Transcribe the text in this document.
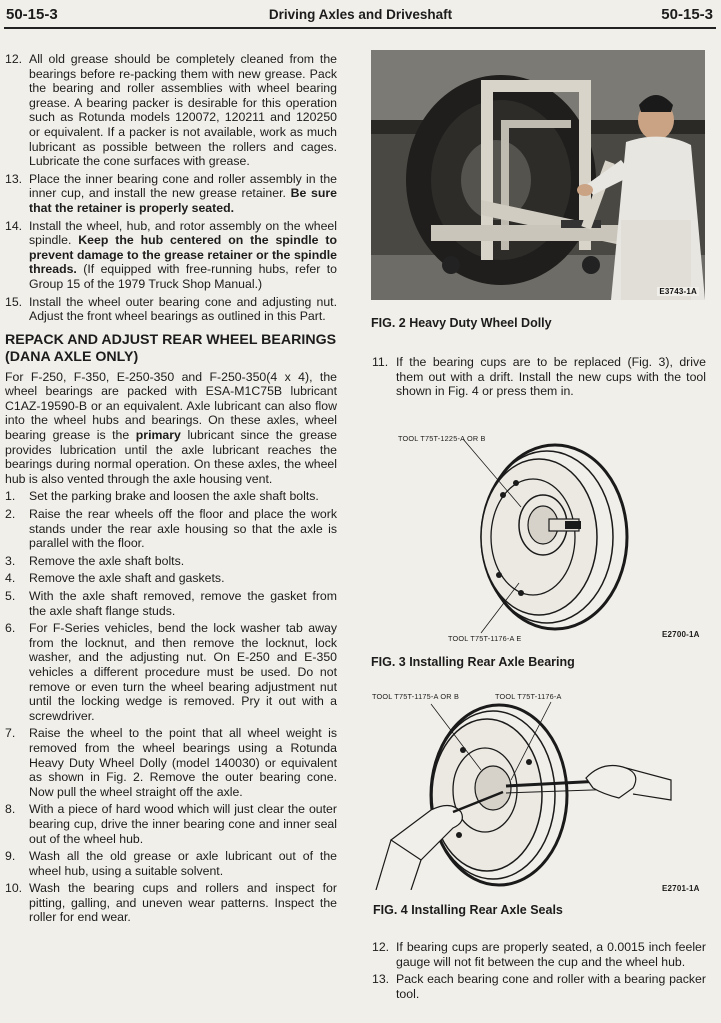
50-15-3	Driving Axles and Driveshaft	50-15-3
12. All old grease should be completely cleaned from the bearings before re-packing them with new grease. Pack the bearing and roller assemblies with wheel bearing grease. A bearing packer is desirable for this operation such as Rotunda models 120072, 120211 and 120250 or equivalent. If a packer is not available, work as much lubricant as possible between the rollers and cages. Lubricate the cone surfaces with grease.
13. Place the inner bearing cone and roller assembly in the inner cup, and install the new grease retainer. Be sure that the retainer is properly seated.
14. Install the wheel, hub, and rotor assembly on the wheel spindle. Keep the hub centered on the spindle to prevent damage to the grease retainer or the spindle threads. (If equipped with free-running hubs, refer to Group 15 of the 1979 Truck Shop Manual.)
15. Install the wheel outer bearing cone and adjusting nut. Adjust the front wheel bearings as outlined in this Part.
REPACK AND ADJUST REAR WHEEL BEARINGS (DANA AXLE ONLY)
For F-250, F-350, E-250-350 and F-250-350(4 x 4), the wheel bearings are packed with ESA-M1C75B lubricant C1AZ-19590-B or an equivalent. Axle lubricant can also flow into the wheel hubs and bearings. On these axles, wheel bearing grease is the primary lubricant since the grease provides lubrication until the axle lubricant reaches the bearings during normal operation. On these axles, the wheel hub is also vented through the axle housing vent.
1.	Set the parking brake and loosen the axle shaft bolts.
2.	Raise the rear wheels off the floor and place the work stands under the rear axle housing so that the axle is parallel with the floor.
3.	Remove the axle shaft bolts.
4.	Remove the axle shaft and gaskets.
5.	With the axle shaft removed, remove the gasket from the axle shaft flange studs.
6.	For F-Series vehicles, bend the lock washer tab away from the locknut, and then remove the locknut, lock washer, and the adjusting nut. On E-250 and E-350 vehicles a different procedure must be used. Do not remove or even turn the wheel bearing adjustment nut until the locking wedge is removed. Pry it out with a screwdriver.
7.	Raise the wheel to the point that all wheel weight is removed from the wheel bearings using a Rotunda Heavy Duty Wheel Dolly (model 140030) or equivalent as shown in Fig. 2. Remove the outer bearing cone. Now pull the wheel straight off the axle.
8.	With a piece of hard wood which will just clear the outer bearing cup, drive the inner bearing cone and inner seal out of the wheel hub.
9.	Wash all the old grease or axle lubricant out of the wheel hub, using a suitable solvent.
10. Wash the bearing cups and rollers and inspect for pitting, galling, and uneven wear patterns. Inspect the roller for end wear.
E3743-1A
FIG. 2 Heavy Duty Wheel Dolly
11. If the bearing cups are to be replaced (Fig. 3), drive them out with a drift. Install the new cups with the tool shown in Fig. 4 or press them in.
TOOL T75T-1225-A OR B
TOOL T75T-1176-A E	E2700-1A
FIG. 3 Installing Rear Axle Bearing
TOOL T75T-1175-A OR B	TOOL T75T-1176-A
E2701-1A
FIG. 4 Installing Rear Axle Seals
12. If bearing cups are properly seated, a 0.0015 inch feeler gauge will not fit between the cup and the wheel hub.
13. Pack each bearing cone and roller with a bearing packer tool.
